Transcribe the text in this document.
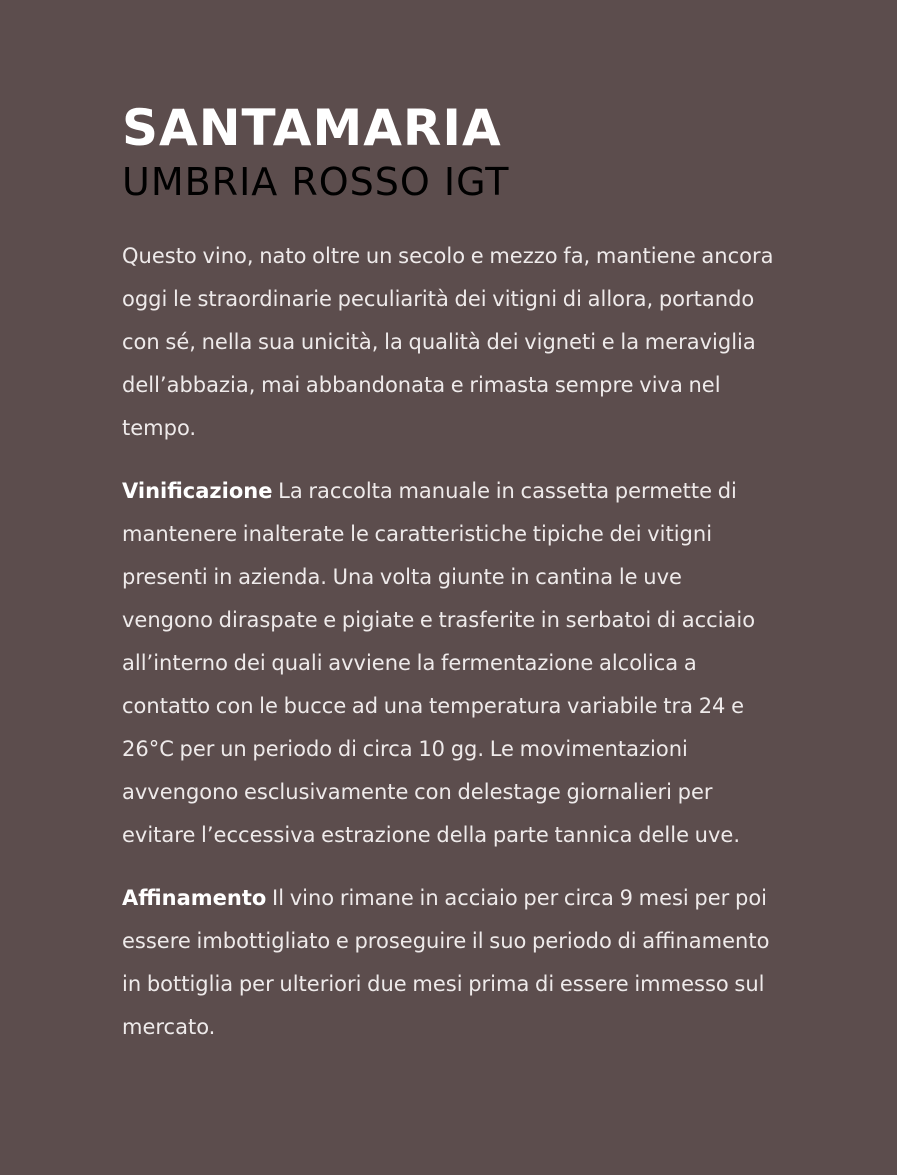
SANTAMARIA
UMBRIA ROSSO IGT

Questo vino, nato oltre un secolo e mezzo fa, mantiene ancora oggi le straordinarie peculiarità dei vitigni di allora, portando con sé, nella sua unicità, la qualità dei vigneti e la meraviglia dell’abbazia, mai abbandonata e rimasta sempre viva nel tempo.

Vinificazione La raccolta manuale in cassetta permette di mantenere inalterate le caratteristiche tipiche dei vitigni presenti in azienda. Una volta giunte in cantina le uve vengono diraspate e pigiate e trasferite in serbatoi di acciaio all’interno dei quali avviene la fermentazione alcolica a contatto con le bucce ad una temperatura variabile tra 24 e 26°C per un periodo di circa 10 gg. Le movimentazioni avvengono esclusivamente con delestage giornalieri per evitare l’eccessiva estrazione della parte tannica delle uve.

Affinamento Il vino rimane in acciaio per circa 9 mesi per poi essere imbottigliato e proseguire il suo periodo di affinamento in bottiglia per ulteriori due mesi prima di essere immesso sul mercato.
